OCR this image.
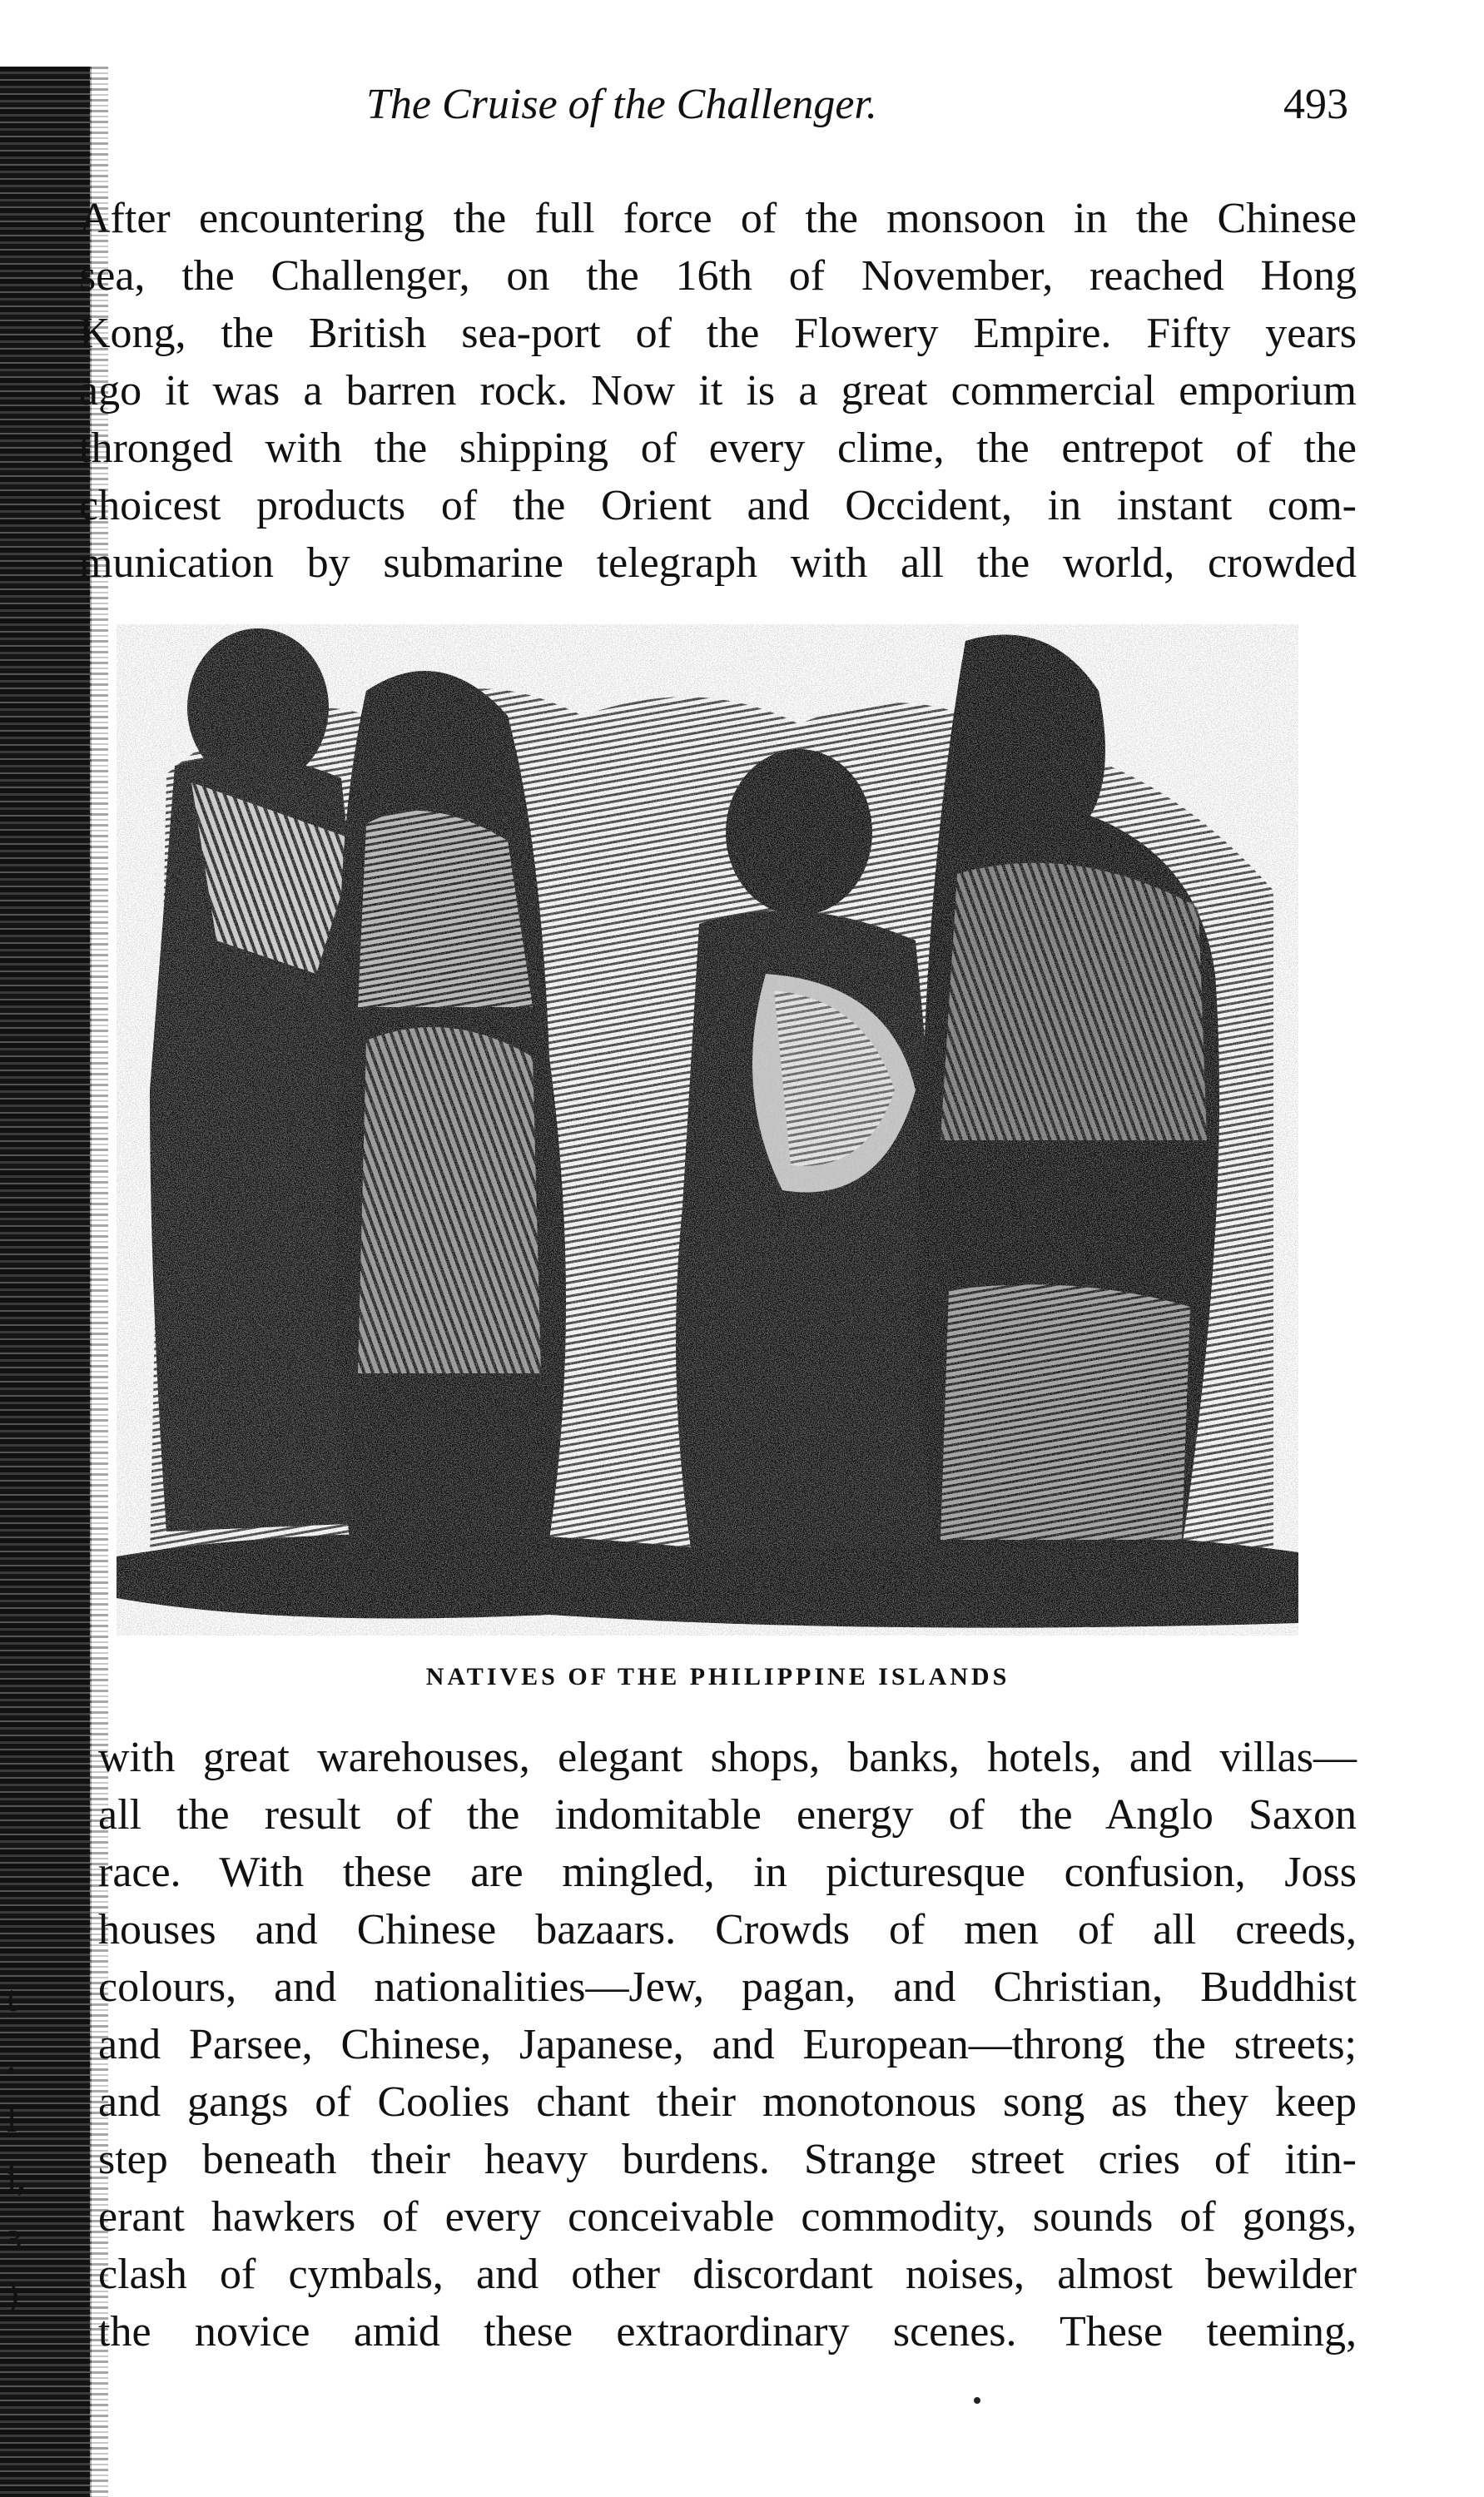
t
.
l
i,
ɜ
)
The Cruise of the Challenger.	493
After encountering the full force of the monsoon in the Chinese
sea, the Challenger, on the 16th of November, reached Hong
Kong, the British sea-port of the Flowery Empire. Fifty years
ago it was a barren rock. Now it is a great commercial emporium
thronged with the shipping of every clime, the entrepot of the
choicest products of the Orient and Occident, in instant com-
munication by submarine telegraph with all the world, crowded
NATIVES OF THE PHILIPPINE ISLANDS
with great warehouses, elegant shops, banks, hotels, and villas—
all the result of the indomitable energy of the Anglo Saxon
race. With these are mingled, in picturesque confusion, Joss
houses and Chinese bazaars. Crowds of men of all creeds,
colours, and nationalities—Jew, pagan, and Christian, Buddhist
and Parsee, Chinese, Japanese, and European—throng the streets;
and gangs of Coolies chant their monotonous song as they keep
step beneath their heavy burdens. Strange street cries of itin-
erant hawkers of every conceivable commodity, sounds of gongs,
clash of cymbals, and other discordant noises, almost bewilder
the novice amid these extraordinary scenes. These teeming,
